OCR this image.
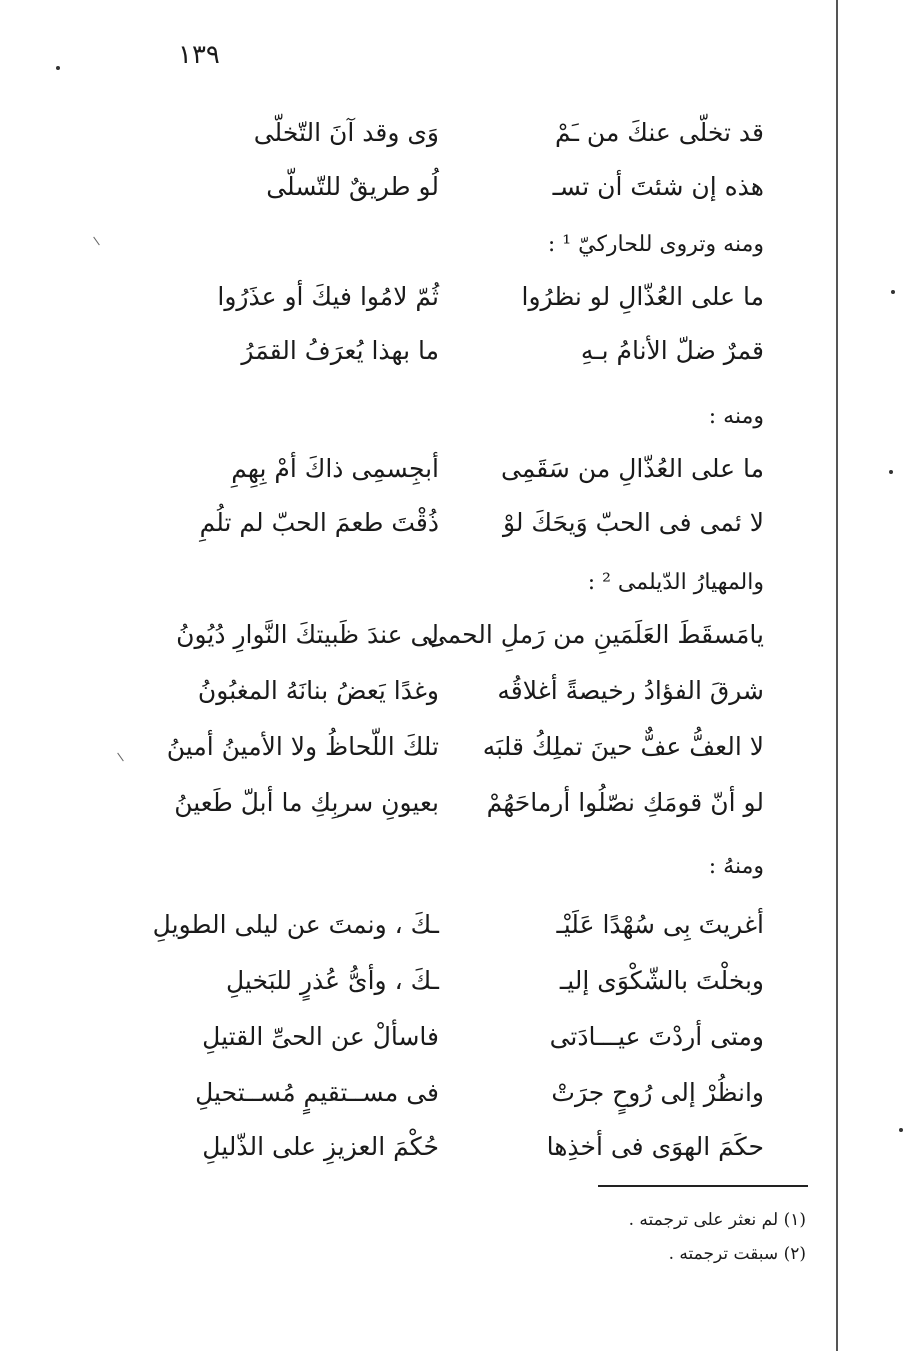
١٣٩
قد تخلّى عنكَ من ـَمْ
وَى وقد آنَ التّخلّى
هذه إن شئتَ أن تسـ
لُو طريقٌ للتّسلّى
ومنه وتروى للحاركيّ ¹ :
ما على العُذّالِ لو نظرُوا
ثُمّ لامُوا فيكَ أو عذَرُوا
قمرٌ ضلّ الأنامُ بـهِ
ما بهذا يُعرَفُ القمَرُ
ومنه :
ما على العُذّالِ من سَقَمِى
أبجِسمِى ذاكَ أمْ بِهِمِ
لا ئمى فى الحبّ وَيحَكَ لوْ
ذُقْتَ طعمَ الحبّ لم تلُمِ
والمهيارُ الدّيلمى ² :
يامَسقَطَ العَلَمَينِ من رَملِ الحمى
لِى عندَ ظَبيتكَ النَّوارِ دُيُونُ
شرقَ الفؤادُ رخيصةً أغلاقُه
وغدًا يَعضُ بنانَهُ المغبُونُ
لا العفُّ عفٌّ حينَ تملِكُ قلبَه
تلكَ اللّحاظُ ولا الأمينُ أمينُ
لو أنّ قومَكِ نصّلُوا أرماحَهُمْ
بعيونِ سربِكِ ما أبلّ طَعينُ
ومنهُ :
أغريتَ بِى سُهْدًا عَلَيْـ
ـكَ ، ونمتَ عن ليلى الطويلِ
وبخلْتَ بالشّكْوَى إليـ
ـكَ ، وأىُّ عُذرٍ للبَخيلِ
ومتى أردْتَ عيـــادَتى
فاسألْ عن الحىِّ القتيلِ
وانظُرْ إلى رُوحٍ جرَتْ
فى مســتقيمٍ مُســتحيلِ
حكَمَ الهوَى فى أخذِها
حُكْمَ العزيزِ على الذّليلِ
(١) لم نعثر على ترجمته .
(٢) سبقت ترجمته .
